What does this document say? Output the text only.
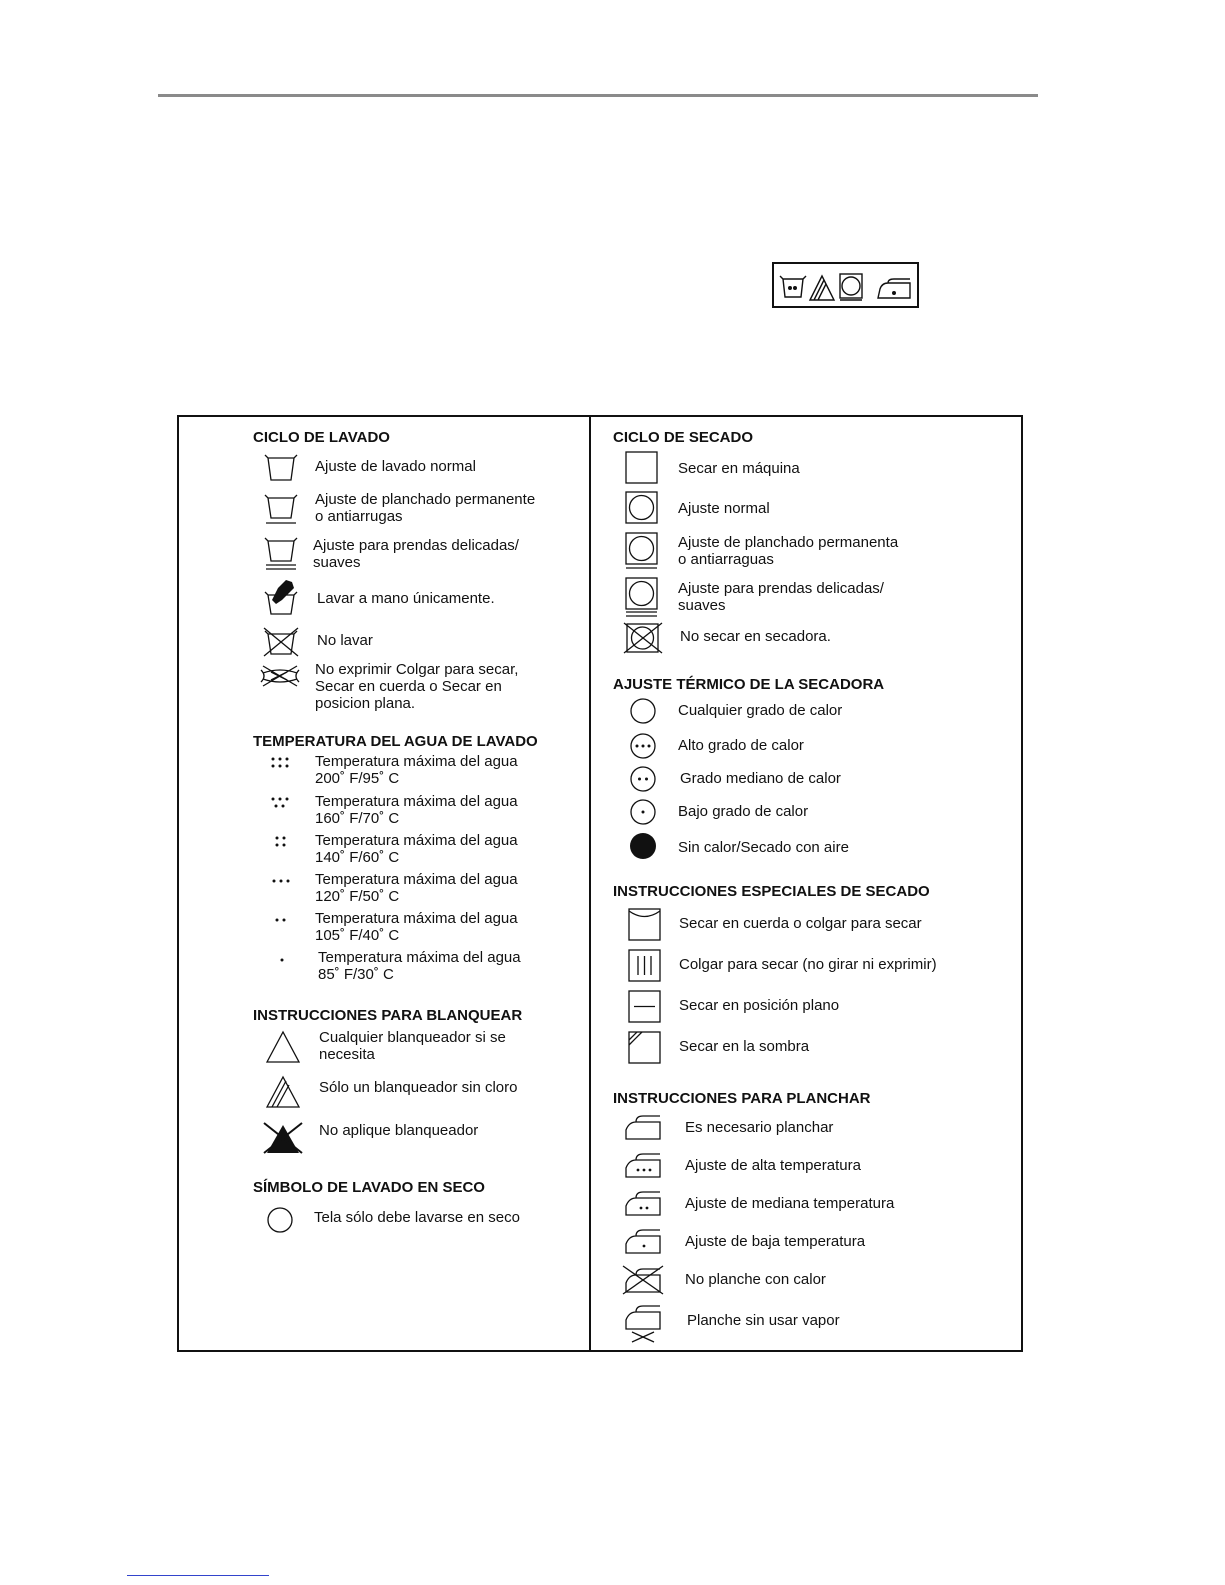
CICLO DE LAVADO
Ajuste de lavado normal
Ajuste de planchado permanente
o antiarrugas
Ajuste para prendas delicadas/
suaves
Lavar a mano únicamente.
No lavar
No exprimir Colgar para secar,
Secar en cuerda o Secar en
posicion plana.
TEMPERATURA DEL AGUA DE LAVADO
Temperatura máxima del agua
200˚ F/95˚ C
Temperatura máxima del agua
160˚ F/70˚ C
Temperatura máxima del agua
140˚ F/60˚ C
Temperatura máxima del agua
120˚ F/50˚ C
Temperatura máxima del agua
105˚ F/40˚ C
Temperatura máxima del agua
85˚ F/30˚ C
INSTRUCCIONES PARA BLANQUEAR
Cualquier blanqueador si se
necesita
Sólo un blanqueador sin cloro
No aplique blanqueador
SÍMBOLO DE LAVADO EN SECO
Tela sólo debe lavarse en seco
CICLO DE SECADO
Secar en máquina
Ajuste normal
Ajuste de planchado permanenta
o antiarraguas
Ajuste para prendas delicadas/
suaves
No secar en secadora.
AJUSTE TÉRMICO DE LA SECADORA
Cualquier grado de calor
Alto grado de calor
Grado mediano de calor
Bajo grado de calor
Sin calor/Secado con aire
INSTRUCCIONES ESPECIALES DE SECADO
Secar en cuerda o colgar para secar
Colgar para secar (no girar ni exprimir)
Secar en posición plano
Secar en la sombra
INSTRUCCIONES PARA PLANCHAR
Es necesario planchar
Ajuste de alta temperatura
Ajuste de mediana temperatura
Ajuste de baja temperatura
No planche con calor
Planche sin usar vapor
